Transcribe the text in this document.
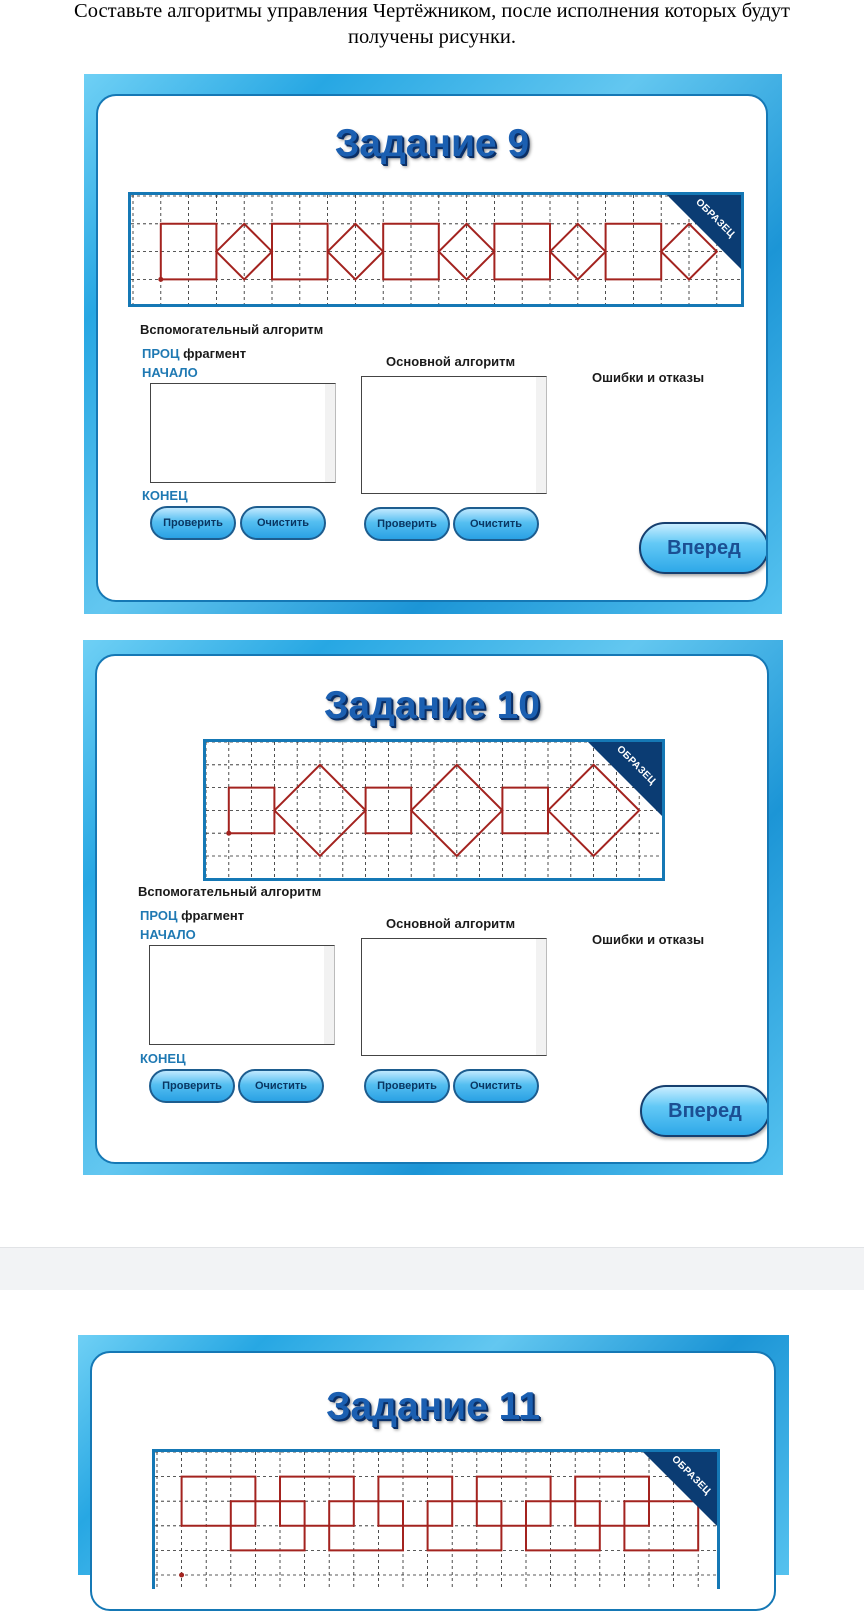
Составьте алгоритмы управления Чертёжником, после исполнения которых будут
получены рисунки.
Задание 9
ОБРАЗЕЦ
Вспомогательный алгоритм
ПРОЦ фрагмент
НАЧАЛО
КОНЕЦ
Проверить	Очистить
Основной алгоритм
Проверить	Очистить
Ошибки и отказы
Вперед
Задание 10
ОБРАЗЕЦ
Вспомогательный алгоритм
ПРОЦ фрагмент
НАЧАЛО
КОНЕЦ
Проверить	Очистить
Основной алгоритм
Проверить	Очистить
Ошибки и отказы
Вперед
Задание 11
ОБРАЗЕЦ
